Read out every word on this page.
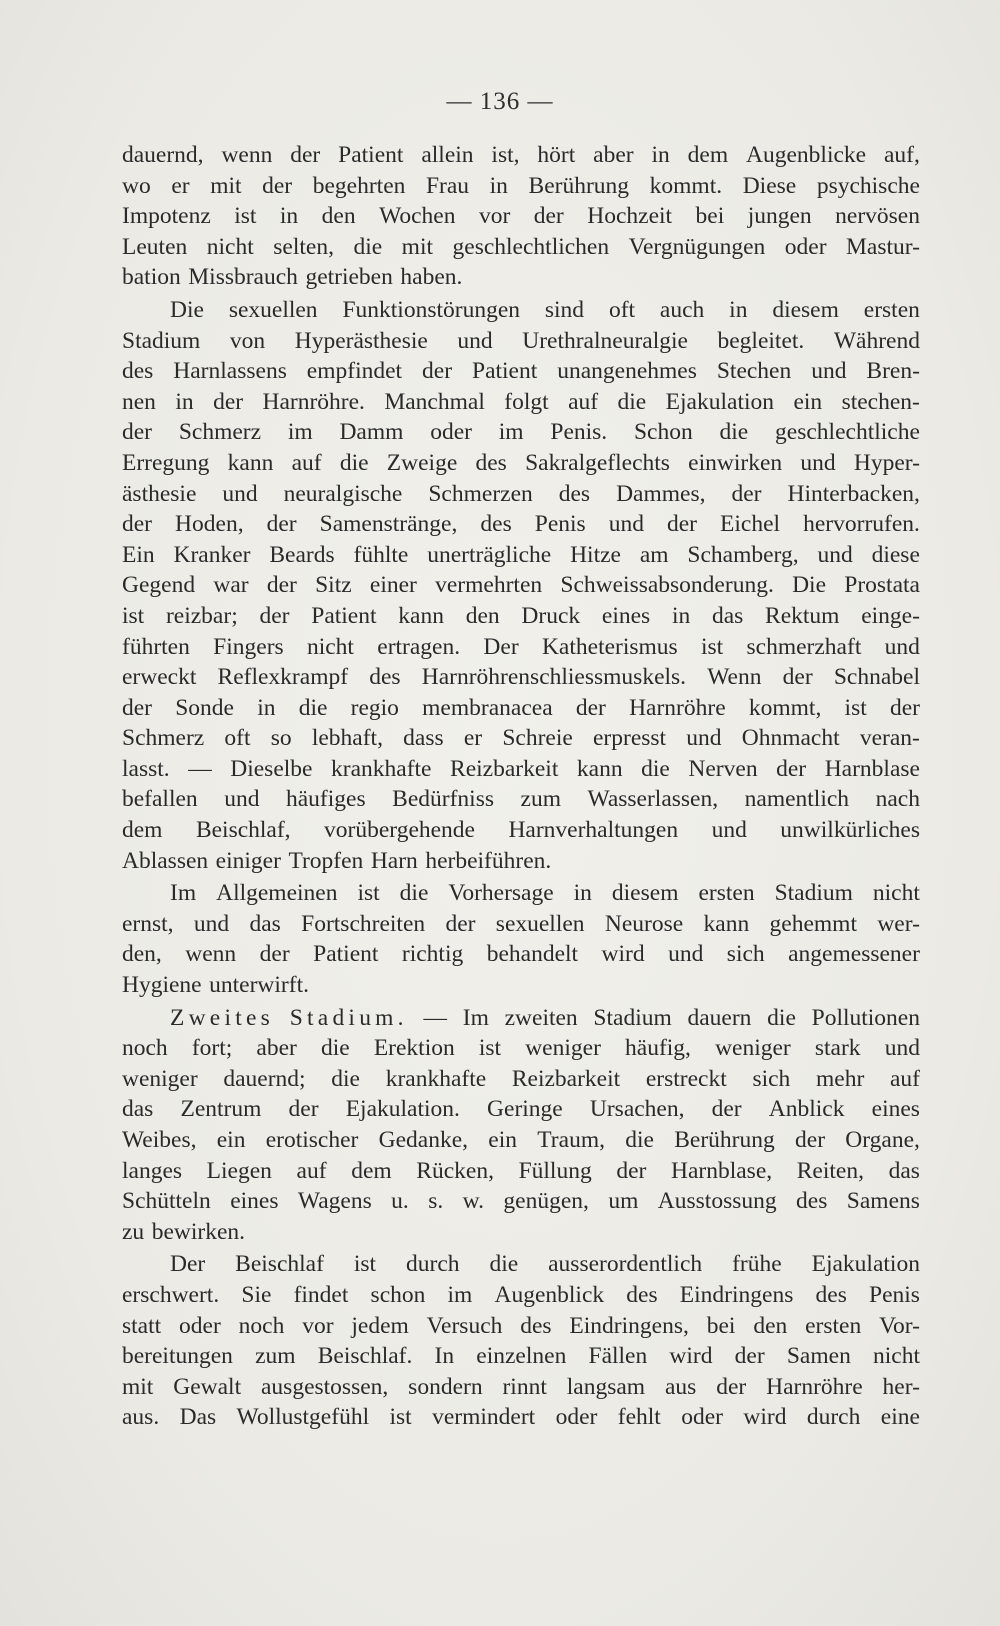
— 136 —
dauernd, wenn der Patient allein ist, hört aber in dem Augenblicke auf,
wo er mit der begehrten Frau in Berührung kommt. Diese psychische
Impotenz ist in den Wochen vor der Hochzeit bei jungen nervösen
Leuten nicht selten, die mit geschlechtlichen Vergnügungen oder Mastur-
bation Missbrauch getrieben haben.
Die sexuellen Funktionstörungen sind oft auch in diesem ersten
Stadium von Hyperästhesie und Urethralneuralgie begleitet. Während
des Harnlassens empfindet der Patient unangenehmes Stechen und Bren-
nen in der Harnröhre. Manchmal folgt auf die Ejakulation ein stechen-
der Schmerz im Damm oder im Penis. Schon die geschlechtliche
Erregung kann auf die Zweige des Sakralgeflechts einwirken und Hyper-
ästhesie und neuralgische Schmerzen des Dammes, der Hinterbacken,
der Hoden, der Samenstränge, des Penis und der Eichel hervorrufen.
Ein Kranker Beards fühlte unerträgliche Hitze am Schamberg, und diese
Gegend war der Sitz einer vermehrten Schweissabsonderung. Die Prostata
ist reizbar; der Patient kann den Druck eines in das Rektum einge-
führten Fingers nicht ertragen. Der Katheterismus ist schmerzhaft und
erweckt Reflexkrampf des Harnröhrenschliessmuskels. Wenn der Schnabel
der Sonde in die regio membranacea der Harnröhre kommt, ist der
Schmerz oft so lebhaft, dass er Schreie erpresst und Ohnmacht veran-
lasst. — Dieselbe krankhafte Reizbarkeit kann die Nerven der Harnblase
befallen und häufiges Bedürfniss zum Wasserlassen, namentlich nach
dem Beischlaf, vorübergehende Harnverhaltungen und unwilkürliches
Ablassen einiger Tropfen Harn herbeiführen.
Im Allgemeinen ist die Vorhersage in diesem ersten Stadium nicht
ernst, und das Fortschreiten der sexuellen Neurose kann gehemmt wer-
den, wenn der Patient richtig behandelt wird und sich angemessener
Hygiene unterwirft.
Zweites Stadium. — Im zweiten Stadium dauern die Pollutionen
noch fort; aber die Erektion ist weniger häufig, weniger stark und
weniger dauernd; die krankhafte Reizbarkeit erstreckt sich mehr auf
das Zentrum der Ejakulation. Geringe Ursachen, der Anblick eines
Weibes, ein erotischer Gedanke, ein Traum, die Berührung der Organe,
langes Liegen auf dem Rücken, Füllung der Harnblase, Reiten, das
Schütteln eines Wagens u. s. w. genügen, um Ausstossung des Samens
zu bewirken.
Der Beischlaf ist durch die ausserordentlich frühe Ejakulation
erschwert. Sie findet schon im Augenblick des Eindringens des Penis
statt oder noch vor jedem Versuch des Eindringens, bei den ersten Vor-
bereitungen zum Beischlaf. In einzelnen Fällen wird der Samen nicht
mit Gewalt ausgestossen, sondern rinnt langsam aus der Harnröhre her-
aus. Das Wollustgefühl ist vermindert oder fehlt oder wird durch eine
